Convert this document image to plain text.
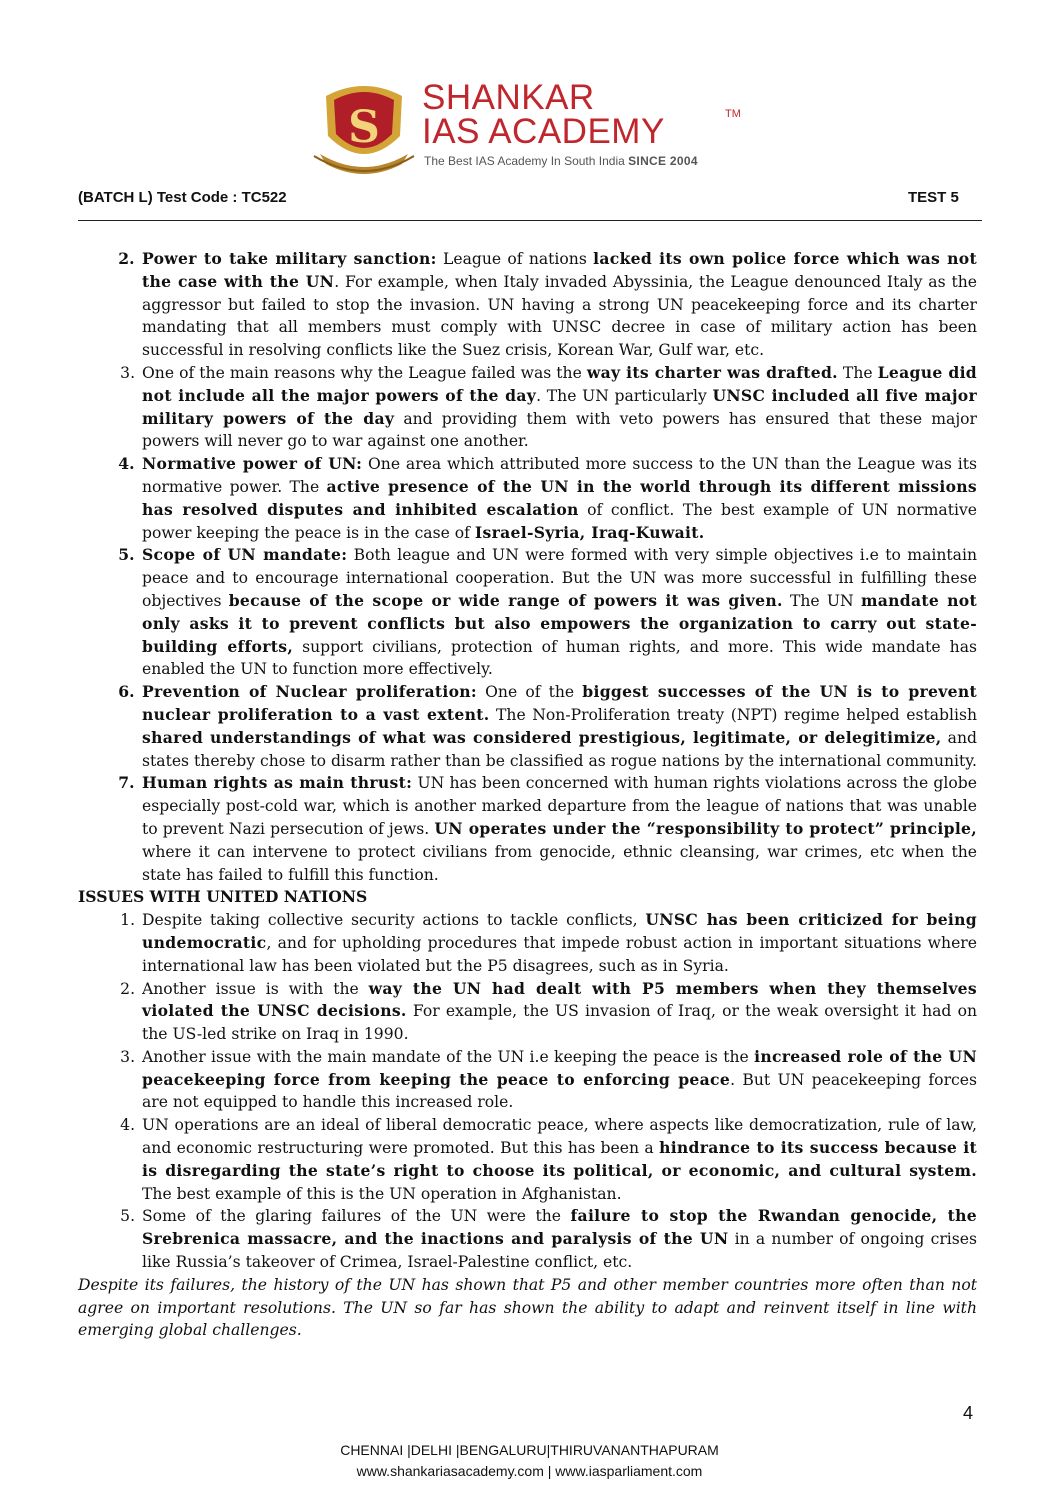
S
SHANKAR
IAS ACADEMY	TM
The Best IAS Academy In South India SINCE 2004
(BATCH L) Test Code : TC522	TEST 5
2. Power to take military sanction: League of nations lacked its own police force which was not the case with the UN. For example, when Italy invaded Abyssinia, the League denounced Italy as the aggressor but failed to stop the invasion. UN having a strong UN peacekeeping force and its charter mandating that all members must comply with UNSC decree in case of military action has been successful in resolving conflicts like the Suez crisis, Korean War, Gulf war, etc.
3. One of the main reasons why the League failed was the way its charter was drafted. The League did not include all the major powers of the day. The UN particularly UNSC included all five major military powers of the day and providing them with veto powers has ensured that these major powers will never go to war against one another.
4. Normative power of UN: One area which attributed more success to the UN than the League was its normative power. The active presence of the UN in the world through its different missions has resolved disputes and inhibited escalation of conflict. The best example of UN normative power keeping the peace is in the case of Israel-Syria, Iraq-Kuwait.
5. Scope of UN mandate: Both league and UN were formed with very simple objectives i.e to maintain peace and to encourage international cooperation. But the UN was more successful in fulfilling these objectives because of the scope or wide range of powers it was given. The UN mandate not only asks it to prevent conflicts but also empowers the organization to carry out state-building efforts, support civilians, protection of human rights, and more. This wide mandate has enabled the UN to function more effectively.
6. Prevention of Nuclear proliferation: One of the biggest successes of the UN is to prevent nuclear proliferation to a vast extent. The Non-Proliferation treaty (NPT) regime helped establish shared understandings of what was considered prestigious, legitimate, or delegitimize, and states thereby chose to disarm rather than be classified as rogue nations by the international community.
7. Human rights as main thrust: UN has been concerned with human rights violations across the globe especially post-cold war, which is another marked departure from the league of nations that was unable to prevent Nazi persecution of jews. UN operates under the “responsibility to protect” principle, where it can intervene to protect civilians from genocide, ethnic cleansing, war crimes, etc when the state has failed to fulfill this function.

ISSUES WITH UNITED NATIONS

1. Despite taking collective security actions to tackle conflicts, UNSC has been criticized for being undemocratic, and for upholding procedures that impede robust action in important situations where international law has been violated but the P5 disagrees, such as in Syria.
2. Another issue is with the way the UN had dealt with P5 members when they themselves violated the UNSC decisions. For example, the US invasion of Iraq, or the weak oversight it had on the US-led strike on Iraq in 1990.
3. Another issue with the main mandate of the UN i.e keeping the peace is the increased role of the UN peacekeeping force from keeping the peace to enforcing peace. But UN peacekeeping forces are not equipped to handle this increased role.
4. UN operations are an ideal of liberal democratic peace, where aspects like democratization, rule of law, and economic restructuring were promoted. But this has been a hindrance to its success because it is disregarding the state’s right to choose its political, or economic, and cultural system. The best example of this is the UN operation in Afghanistan.
5. Some of the glaring failures of the UN were the failure to stop the Rwandan genocide, the Srebrenica massacre, and the inactions and paralysis of the UN in a number of ongoing crises like Russia’s takeover of Crimea, Israel-Palestine conflict, etc.

Despite its failures, the history of the UN has shown that P5 and other member countries more often than not agree on important resolutions. The UN so far has shown the ability to adapt and reinvent itself in line with emerging global challenges.

4
CHENNAI |DELHI |BENGALURU|THIRUVANANTHAPURAM
www.shankariasacademy.com | www.iasparliament.com
